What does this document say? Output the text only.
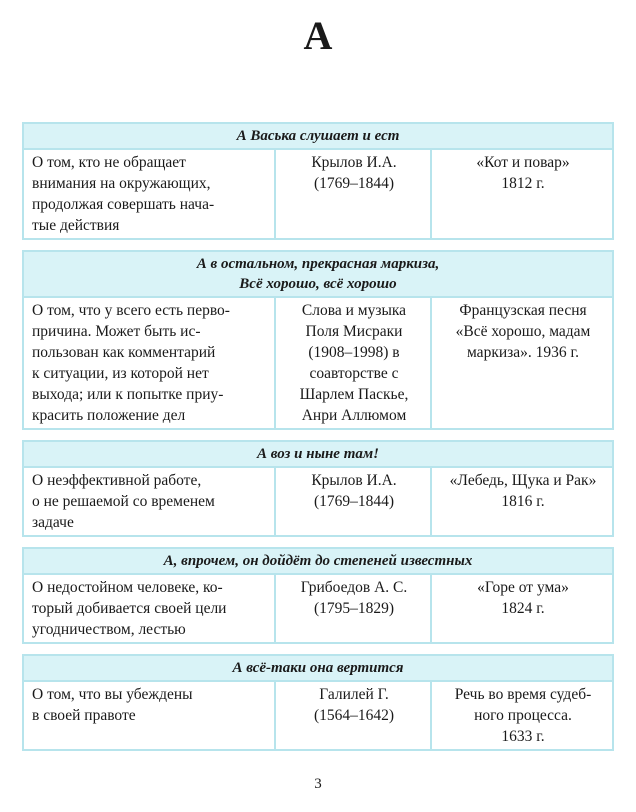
А
А Васька слушает и ест
О том, кто не обращает
внимания на окружающих,
продолжая совершать нача-
тые действия
Крылов И.А.
(1769–1844)
«Кот и повар»
1812 г.
А в остальном, прекрасная маркиза,
Всё хорошо, всё хорошо
О том, что у всего есть перво-
причина. Может быть ис-
пользован как комментарий
к ситуации, из которой нет
выхода; или к попытке приу-
красить положение дел
Слова и музыка
Поля Мисраки
(1908–1998) в
соавторстве с
Шарлем Паскье,
Анри Аллюмом
Французская песня
«Всё хорошо, мадам
маркиза». 1936 г.
А воз и ныне там!
О неэффективной работе,
о не решаемой со временем
задаче
Крылов И.А.
(1769–1844)
«Лебедь, Щука и Рак»
1816 г.
А, впрочем, он дойдёт до степеней известных
О недостойном человеке, ко-
торый добивается своей цели
угодничеством, лестью
Грибоедов А. С.
(1795–1829)
«Горе от ума»
1824 г.
А всё-таки она вертится
О том, что вы убеждены
в своей правоте
Галилей Г.
(1564–1642)
Речь во время судеб-
ного процесса.
1633 г.
3
